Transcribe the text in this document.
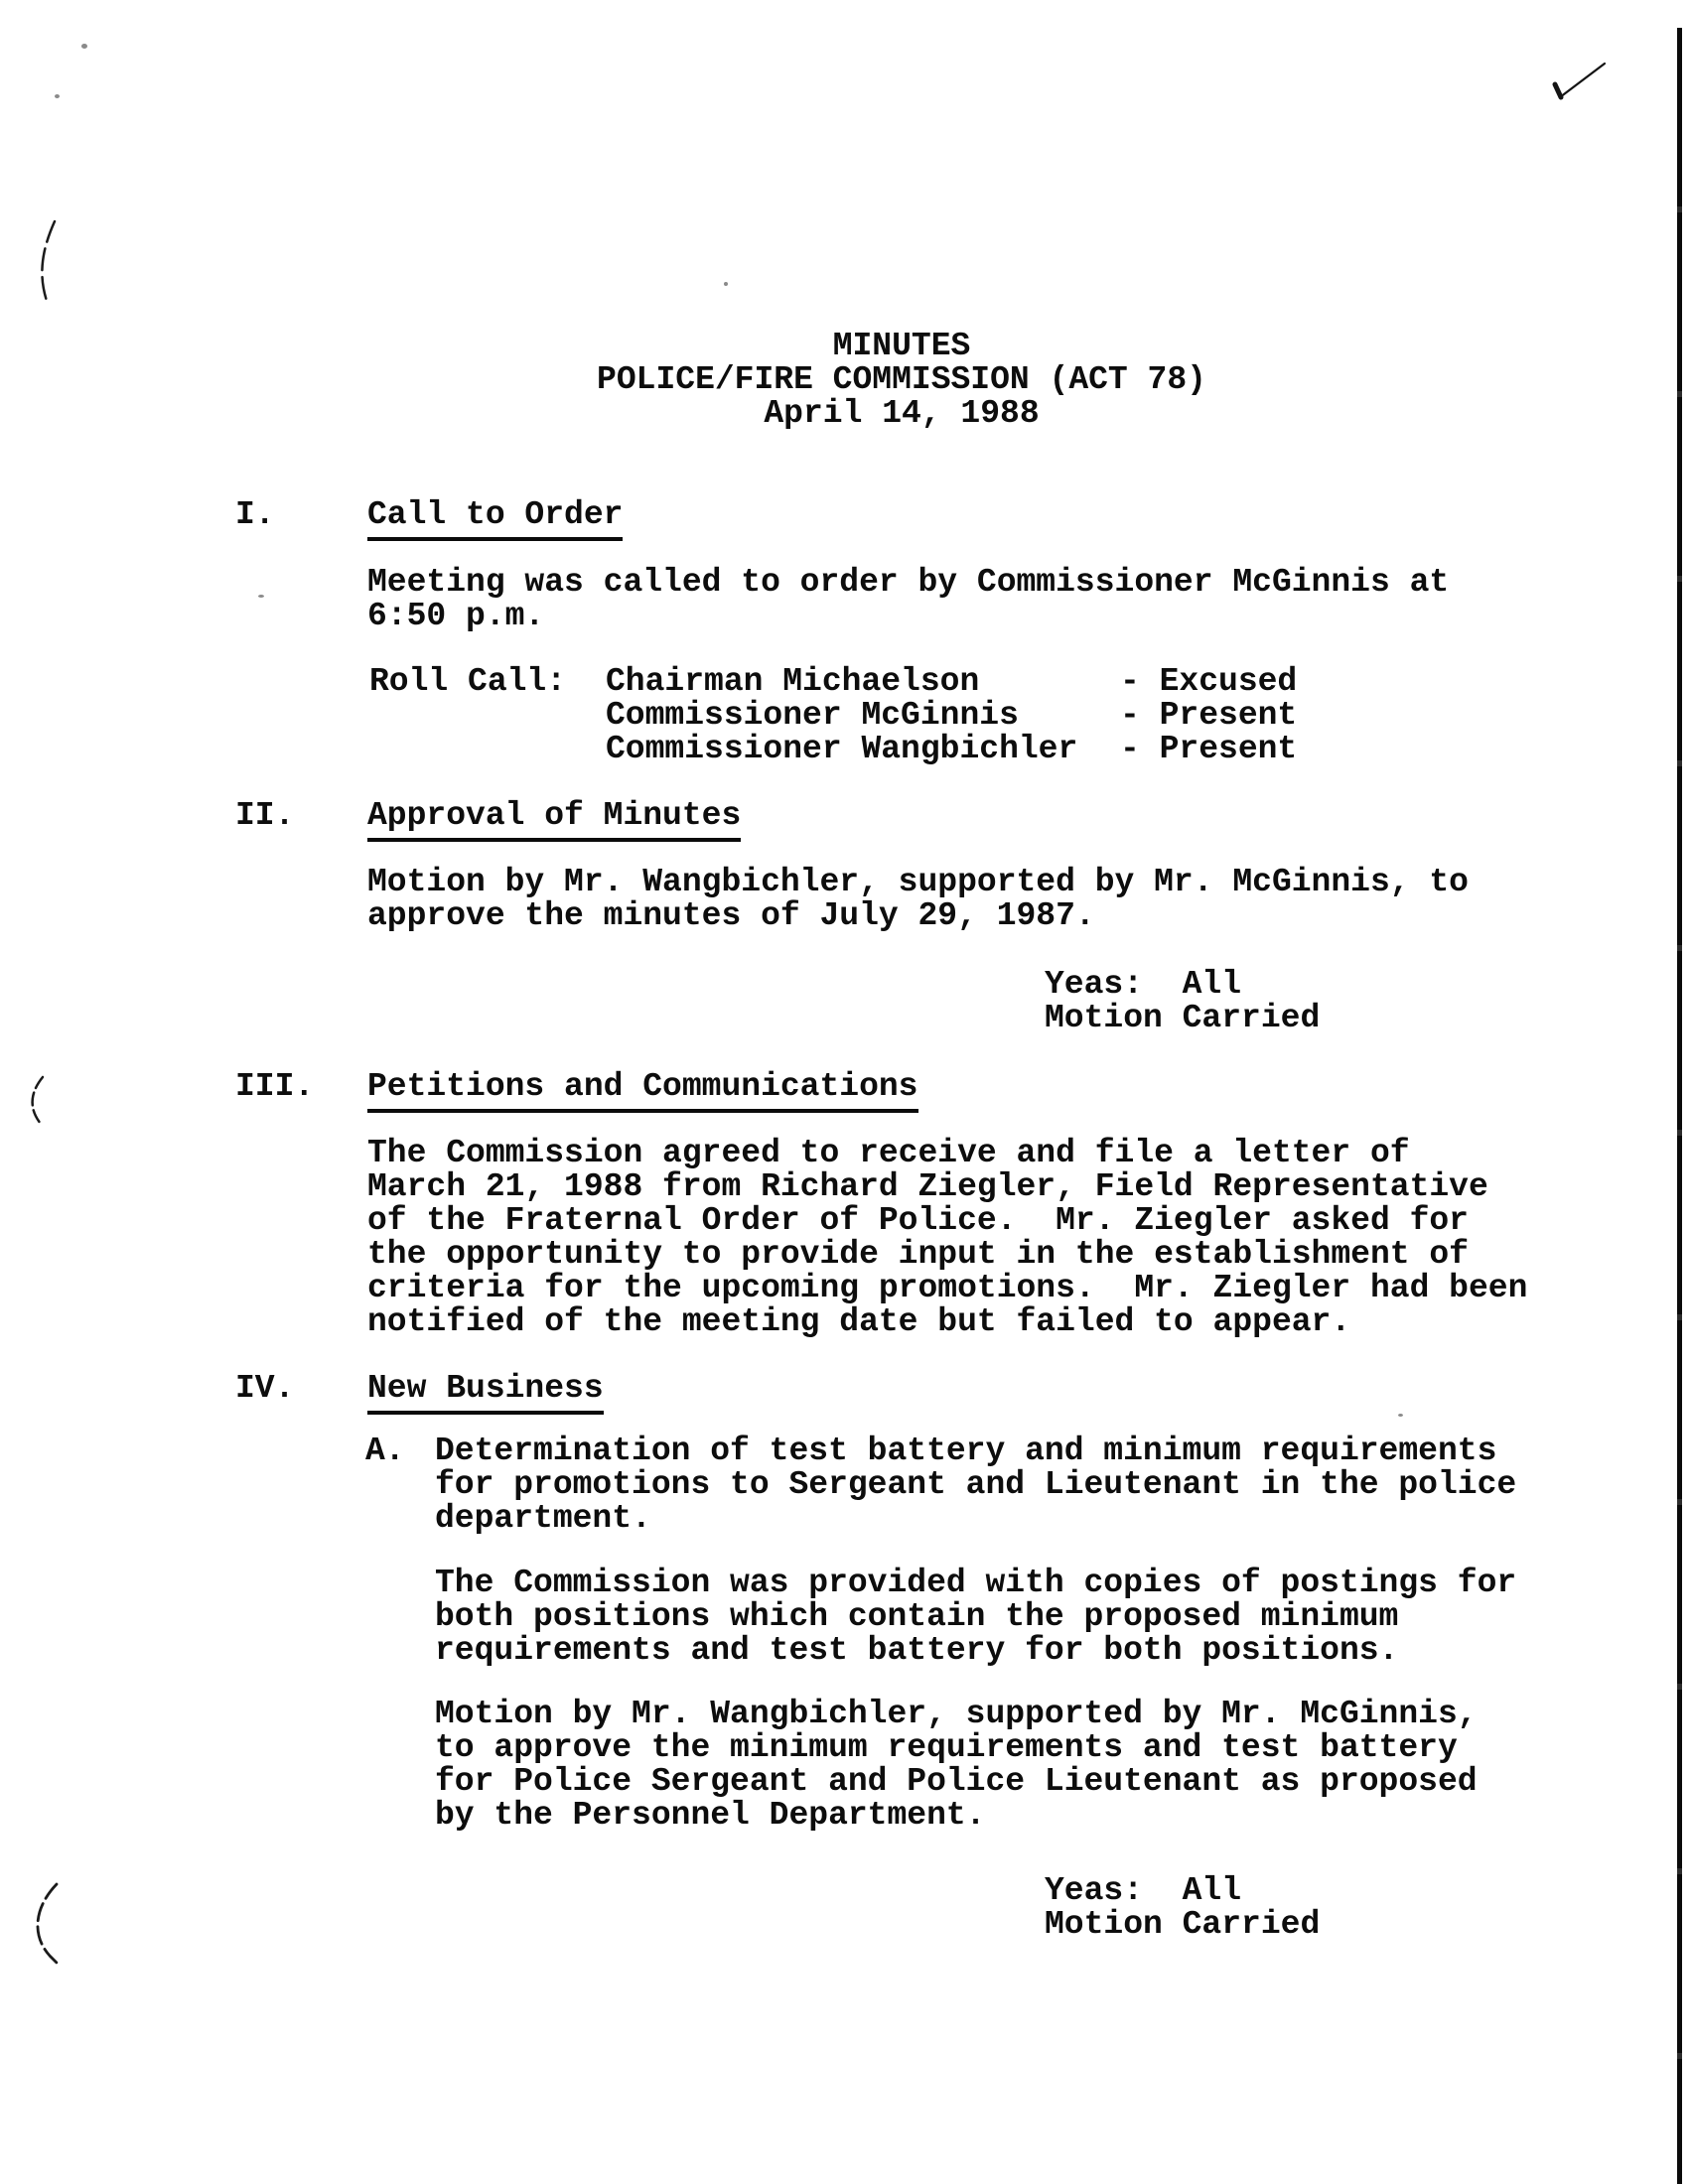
MINUTES
POLICE/FIRE COMMISSION (ACT 78)
April 14, 1988
I.	Call to Order
Meeting was called to order by Commissioner McGinnis at
6:50 p.m.
Roll Call: Chairman Michaelson	- Excused
Commissioner McGinnis	- Present
Commissioner Wangbichler - Present
II. Approval of Minutes
Motion by Mr. Wangbichler, supported by Mr. McGinnis, to
approve the minutes of July 29, 1987.
Yeas:  All
Motion Carried
III. Petitions and Communications
The Commission agreed to receive and file a letter of
March 21, 1988 from Richard Ziegler, Field Representative
of the Fraternal Order of Police.  Mr. Ziegler asked for
the opportunity to provide input in the establishment of
criteria for the upcoming promotions.  Mr. Ziegler had been
notified of the meeting date but failed to appear.
IV. New Business
A. Determination of test battery and minimum requirements
for promotions to Sergeant and Lieutenant in the police
department.
The Commission was provided with copies of postings for
both positions which contain the proposed minimum
requirements and test battery for both positions.
Motion by Mr. Wangbichler, supported by Mr. McGinnis,
to approve the minimum requirements and test battery
for Police Sergeant and Police Lieutenant as proposed
by the Personnel Department.
Yeas:  All
Motion Carried
